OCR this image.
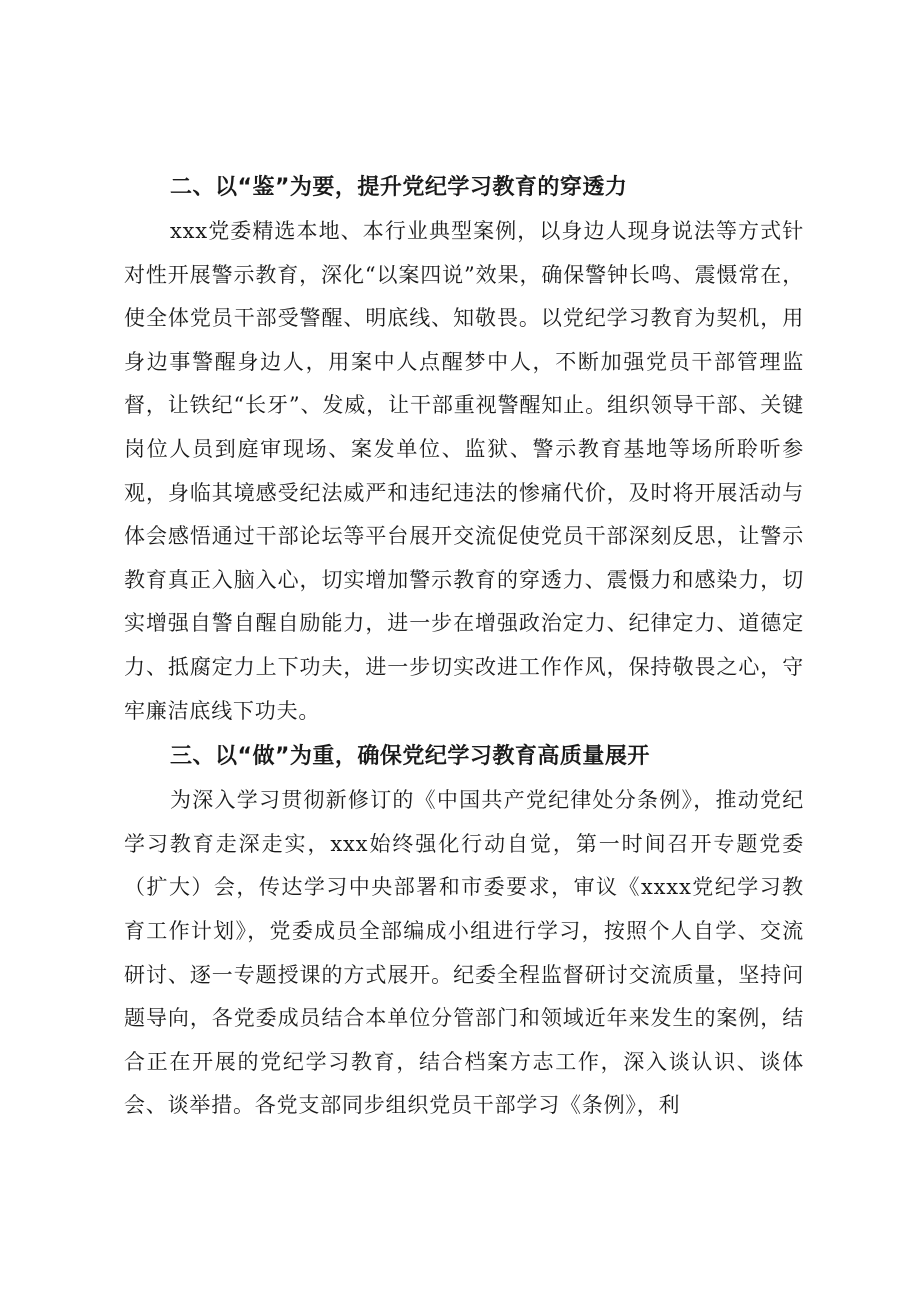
二、以“鉴”为要，提升党纪学习教育的穿透力

xxx党委精选本地、本行业典型案例，以身边人现身说法等方式针对性开展警示教育，深化“以案四说”效果，确保警钟长鸣、震慑常在，使全体党员干部受警醒、明底线、知敬畏。以党纪学习教育为契机，用身边事警醒身边人，用案中人点醒梦中人，不断加强党员干部管理监督，让铁纪“长牙”、发威，让干部重视警醒知止。组织领导干部、关键岗位人员到庭审现场、案发单位、监狱、警示教育基地等场所聆听参观，身临其境感受纪法威严和违纪违法的惨痛代价，及时将开展活动与体会感悟通过干部论坛等平台展开交流促使党员干部深刻反思，让警示教育真正入脑入心，切实增加警示教育的穿透力、震慑力和感染力，切实增强自警自醒自励能力，进一步在增强政治定力、纪律定力、道德定力、抵腐定力上下功夫，进一步切实改进工作作风，保持敬畏之心，守牢廉洁底线下功夫。

三、以“做”为重，确保党纪学习教育高质量展开

为深入学习贯彻新修订的《中国共产党纪律处分条例》，推动党纪学习教育走深走实，xxx始终强化行动自觉，第一时间召开专题党委（扩大）会，传达学习中央部署和市委要求，审议《xxxx党纪学习教育工作计划》，党委成员全部编成小组进行学习，按照个人自学、交流研讨、逐一专题授课的方式展开。纪委全程监督研讨交流质量，坚持问题导向，各党委成员结合本单位分管部门和领域近年来发生的案例，结合正在开展的党纪学习教育，结合档案方志工作，深入谈认识、谈体会、谈举措。各党支部同步组织党员干部学习《条例》，利
